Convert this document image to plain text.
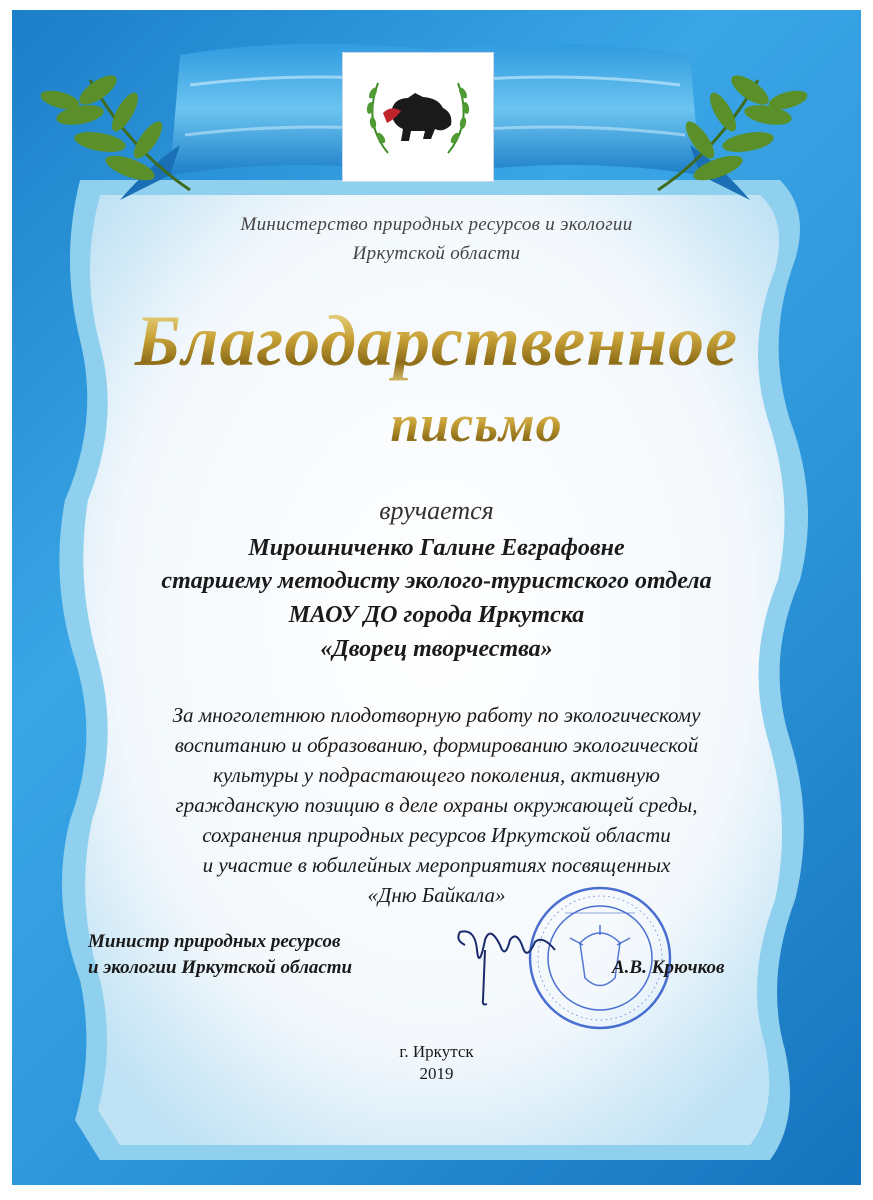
Министерство природных ресурсов и экологии
Иркутской области
Благодарственное
письмо
вручается
Мирошниченко Галине Евграфовне
старшему методисту эколого-туристского отдела
МАОУ ДО города Иркутска
«Дворец творчества»
За многолетнюю плодотворную работу по экологическому
воспитанию и образованию, формированию экологической
культуры у подрастающего поколения, активную
гражданскую позицию в деле охраны окружающей среды,
сохранения природных ресурсов Иркутской области
и участие в юбилейных мероприятиях посвященных
«Дню Байкала»
Министр природных ресурсов
и экологии Иркутской области	А.В. Крючков
г. Иркутск
2019
